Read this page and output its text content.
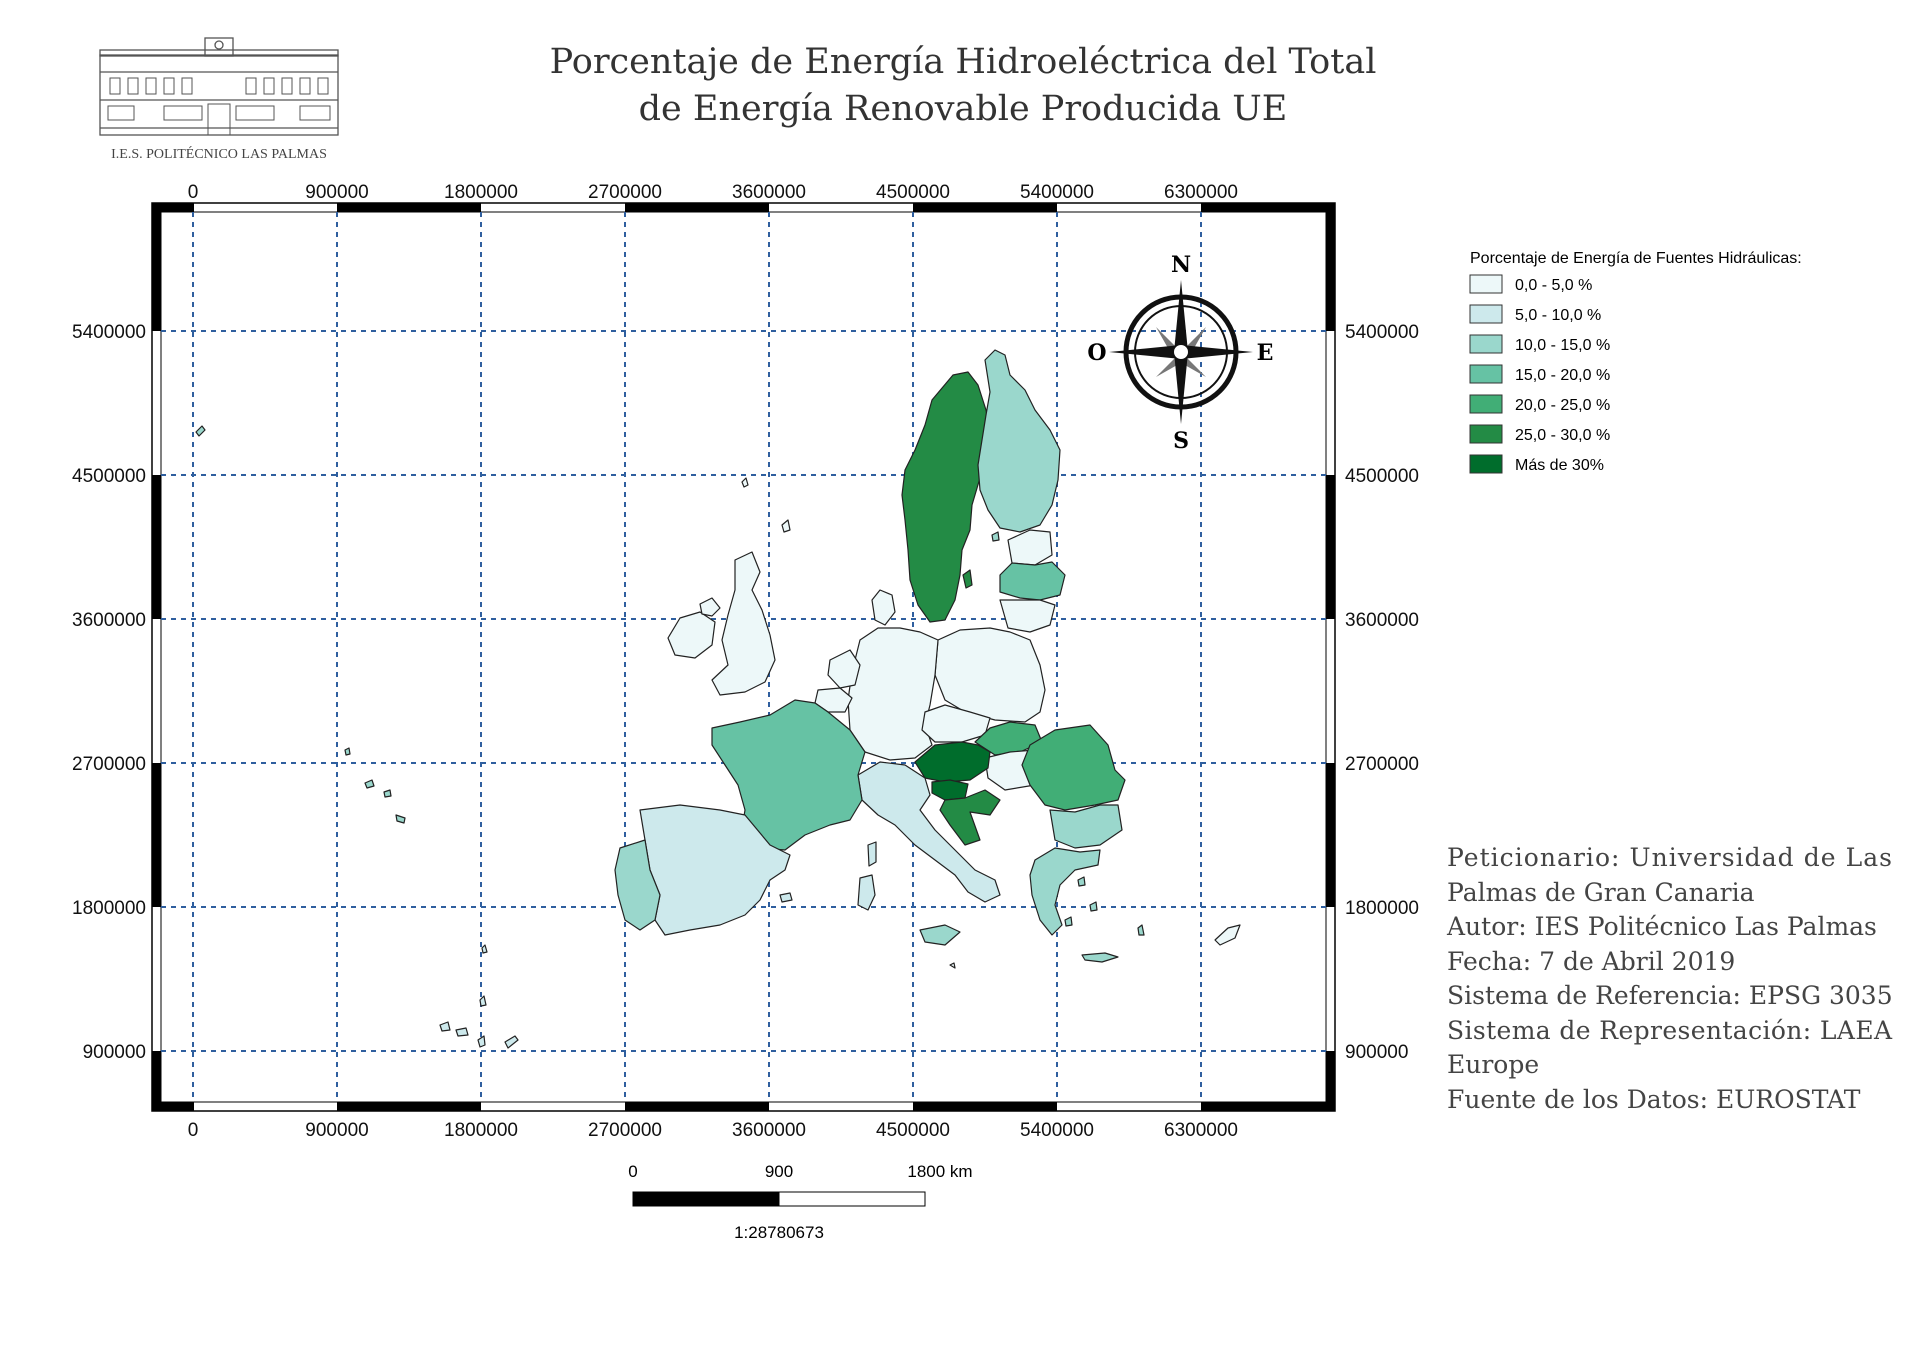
I.E.S. POLITÉCNICO LAS PALMAS
Porcentaje de Energía Hidroeléctrica del Total
de Energía Renovable Producida UE
0	900000	1800000	2700000	3600000	4500000	5400000	6300000
0	900000	1800000	2700000	3600000	4500000	5400000	6300000
5400000
4500000
3600000
2700000
1800000
900000
5400000
4500000
3600000
2700000
1800000
900000
N
S
E
O
Porcentaje de Energía de Fuentes Hidráulicas:
0,0 - 5,0 %
5,0 - 10,0 %
10,0 - 15,0 %
15,0 - 20,0 %
20,0 - 25,0 %
25,0 - 30,0 %
Más de 30%
Peticionario: Universidad de Las
Palmas de Gran Canaria
Autor: IES Politécnico Las Palmas
Fecha: 7 de Abril 2019
Sistema de Referencia: EPSG 3035
Sistema de Representación: LAEA
Europe
Fuente de los Datos: EUROSTAT
0	900	1800 km
1:28780673
